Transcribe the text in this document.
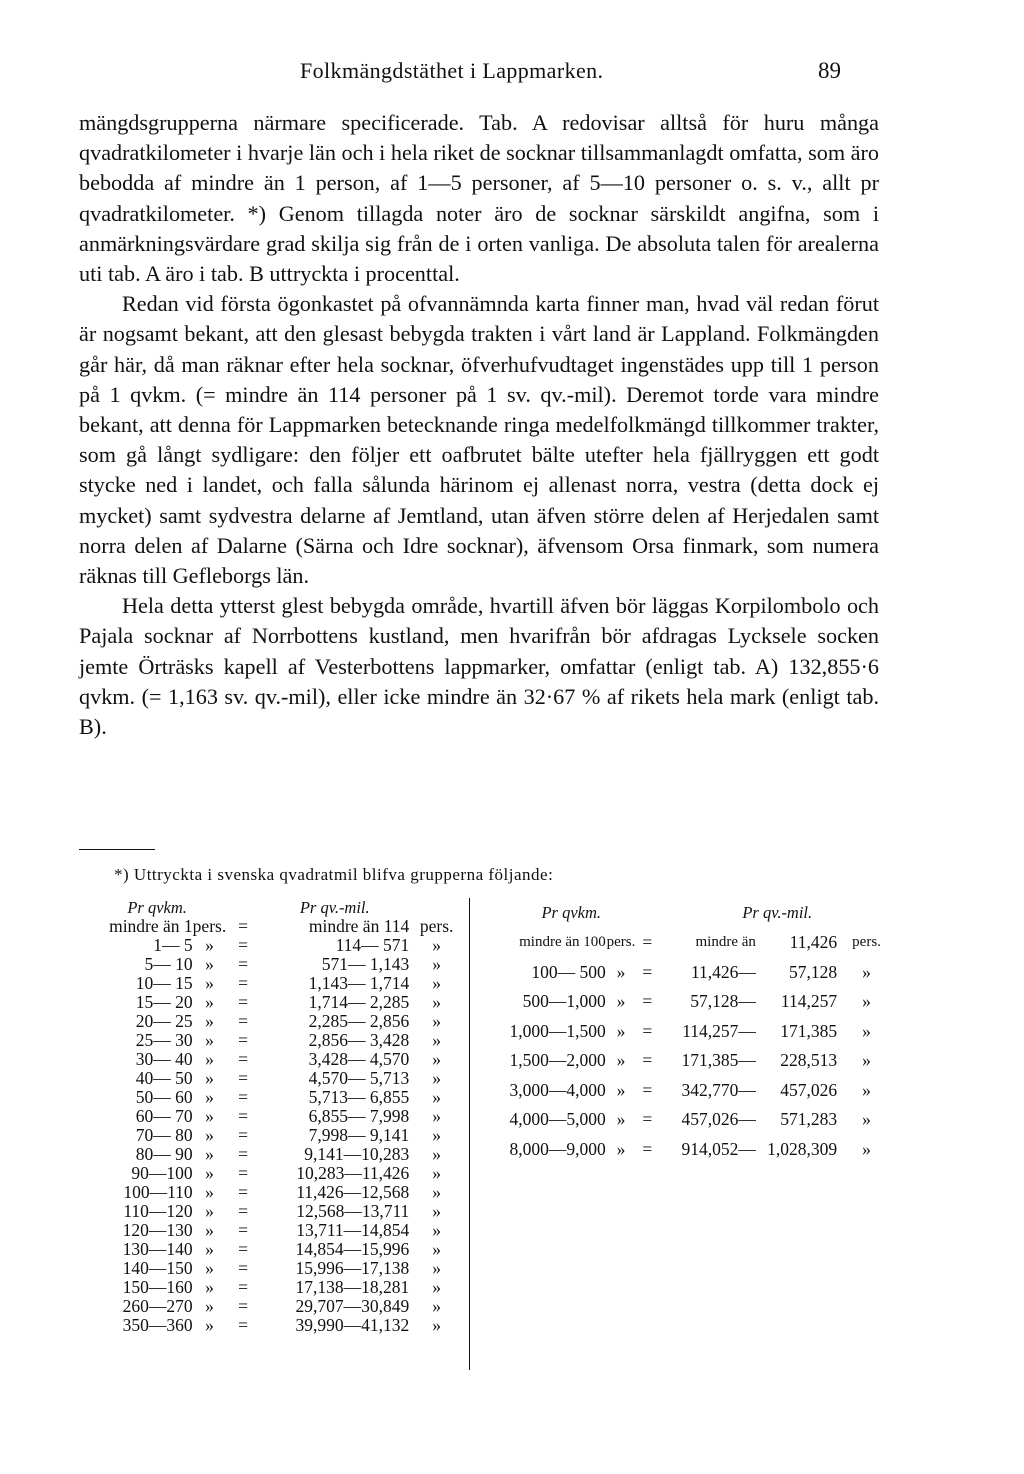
Folkmängdstäthet i Lappmarken.	89

mängdsgrupperna närmare specificerade. Tab. A redovisar alltså för huru många qvadratkilometer i hvarje län och i hela riket de socknar tillsammanlagdt omfatta, som äro bebodda af mindre än 1 person, af 1—5 personer, af 5—10 personer o. s. v., allt pr qvadratkilometer. *) Genom tillagda noter äro de socknar särskildt angifna, som i anmärkningsvärdare grad skilja sig från de i orten vanliga. De absoluta talen för arealerna uti tab. A äro i tab. B uttryckta i procenttal.

Redan vid första ögonkastet på ofvannämnda karta finner man, hvad väl redan förut är nogsamt bekant, att den glesast bebygda trakten i vårt land är Lappland. Folkmängden går här, då man räknar efter hela socknar, öfverhufvudtaget ingenstädes upp till 1 person på 1 qvkm. (= mindre än 114 personer på 1 sv. qv.-mil). Deremot torde vara mindre bekant, att denna för Lappmarken betecknande ringa medelfolkmängd tillkommer trakter, som gå långt sydligare: den följer ett oafbrutet bälte utefter hela fjällryggen ett godt stycke ned i landet, och falla sålunda härinom ej allenast norra, vestra (detta dock ej mycket) samt sydvestra delarne af Jemtland, utan äfven större delen af Herjedalen samt norra delen af Dalarne (Särna och Idre socknar), äfvensom Orsa finmark, som numera räknas till Gefleborgs län.

Hela detta ytterst glest bebygda område, hvartill äfven bör läggas Korpilombolo och Pajala socknar af Norrbottens kustland, men hvarifrån bör afdragas Lycksele socken jemte Örträsks kapell af Vesterbottens lappmarker, omfattar (enligt tab. A) 132,855·6 qvkm. (= 1,163 sv. qv.-mil), eller icke mindre än 32·67 % af rikets hela mark (enligt tab. B).

*) Uttryckta i svenska qvadratmil blifva grupperna följande:
Pr qvkm.			Pr qv.-mil.	
mindre än 1	pers.	=	mindre än 114	pers.
1— 5	»	=	114— 571	»
5— 10	»	=	571— 1,143	»
10— 15	»	=	1,143— 1,714	»
15— 20	»	=	1,714— 2,285	»
20— 25	»	=	2,285— 2,856	»
25— 30	»	=	2,856— 3,428	»
30— 40	»	=	3,428— 4,570	»
40— 50	»	=	4,570— 5,713	»
50— 60	»	=	5,713— 6,855	»
60— 70	»	=	6,855— 7,998	»
70— 80	»	=	7,998— 9,141	»
80— 90	»	=	9,141—10,283	»
90—100	»	=	10,283—11,426	»
100—110	»	=	11,426—12,568	»
110—120	»	=	12,568—13,711	»
120—130	»	=	13,711—14,854	»
130—140	»	=	14,854—15,996	»
140—150	»	=	15,996—17,138	»
150—160	»	=	17,138—18,281	»
260—270	»	=	29,707—30,849	»
350—360	»	=	39,990—41,132	»
Pr qvkm.			Pr qv.-mil.		
mindre än 100	pers.	=	mindre än	11,426	pers.
100— 500	»	=	11,426—	57,128	»
500—1,000	»	=	57,128—	114,257	»
1,000—1,500	»	=	114,257—	171,385	»
1,500—2,000	»	=	171,385—	228,513	»
3,000—4,000	»	=	342,770—	457,026	»
4,000—5,000	»	=	457,026—	571,283	»
8,000—9,000	»	=	914,052—	1,028,309	»
